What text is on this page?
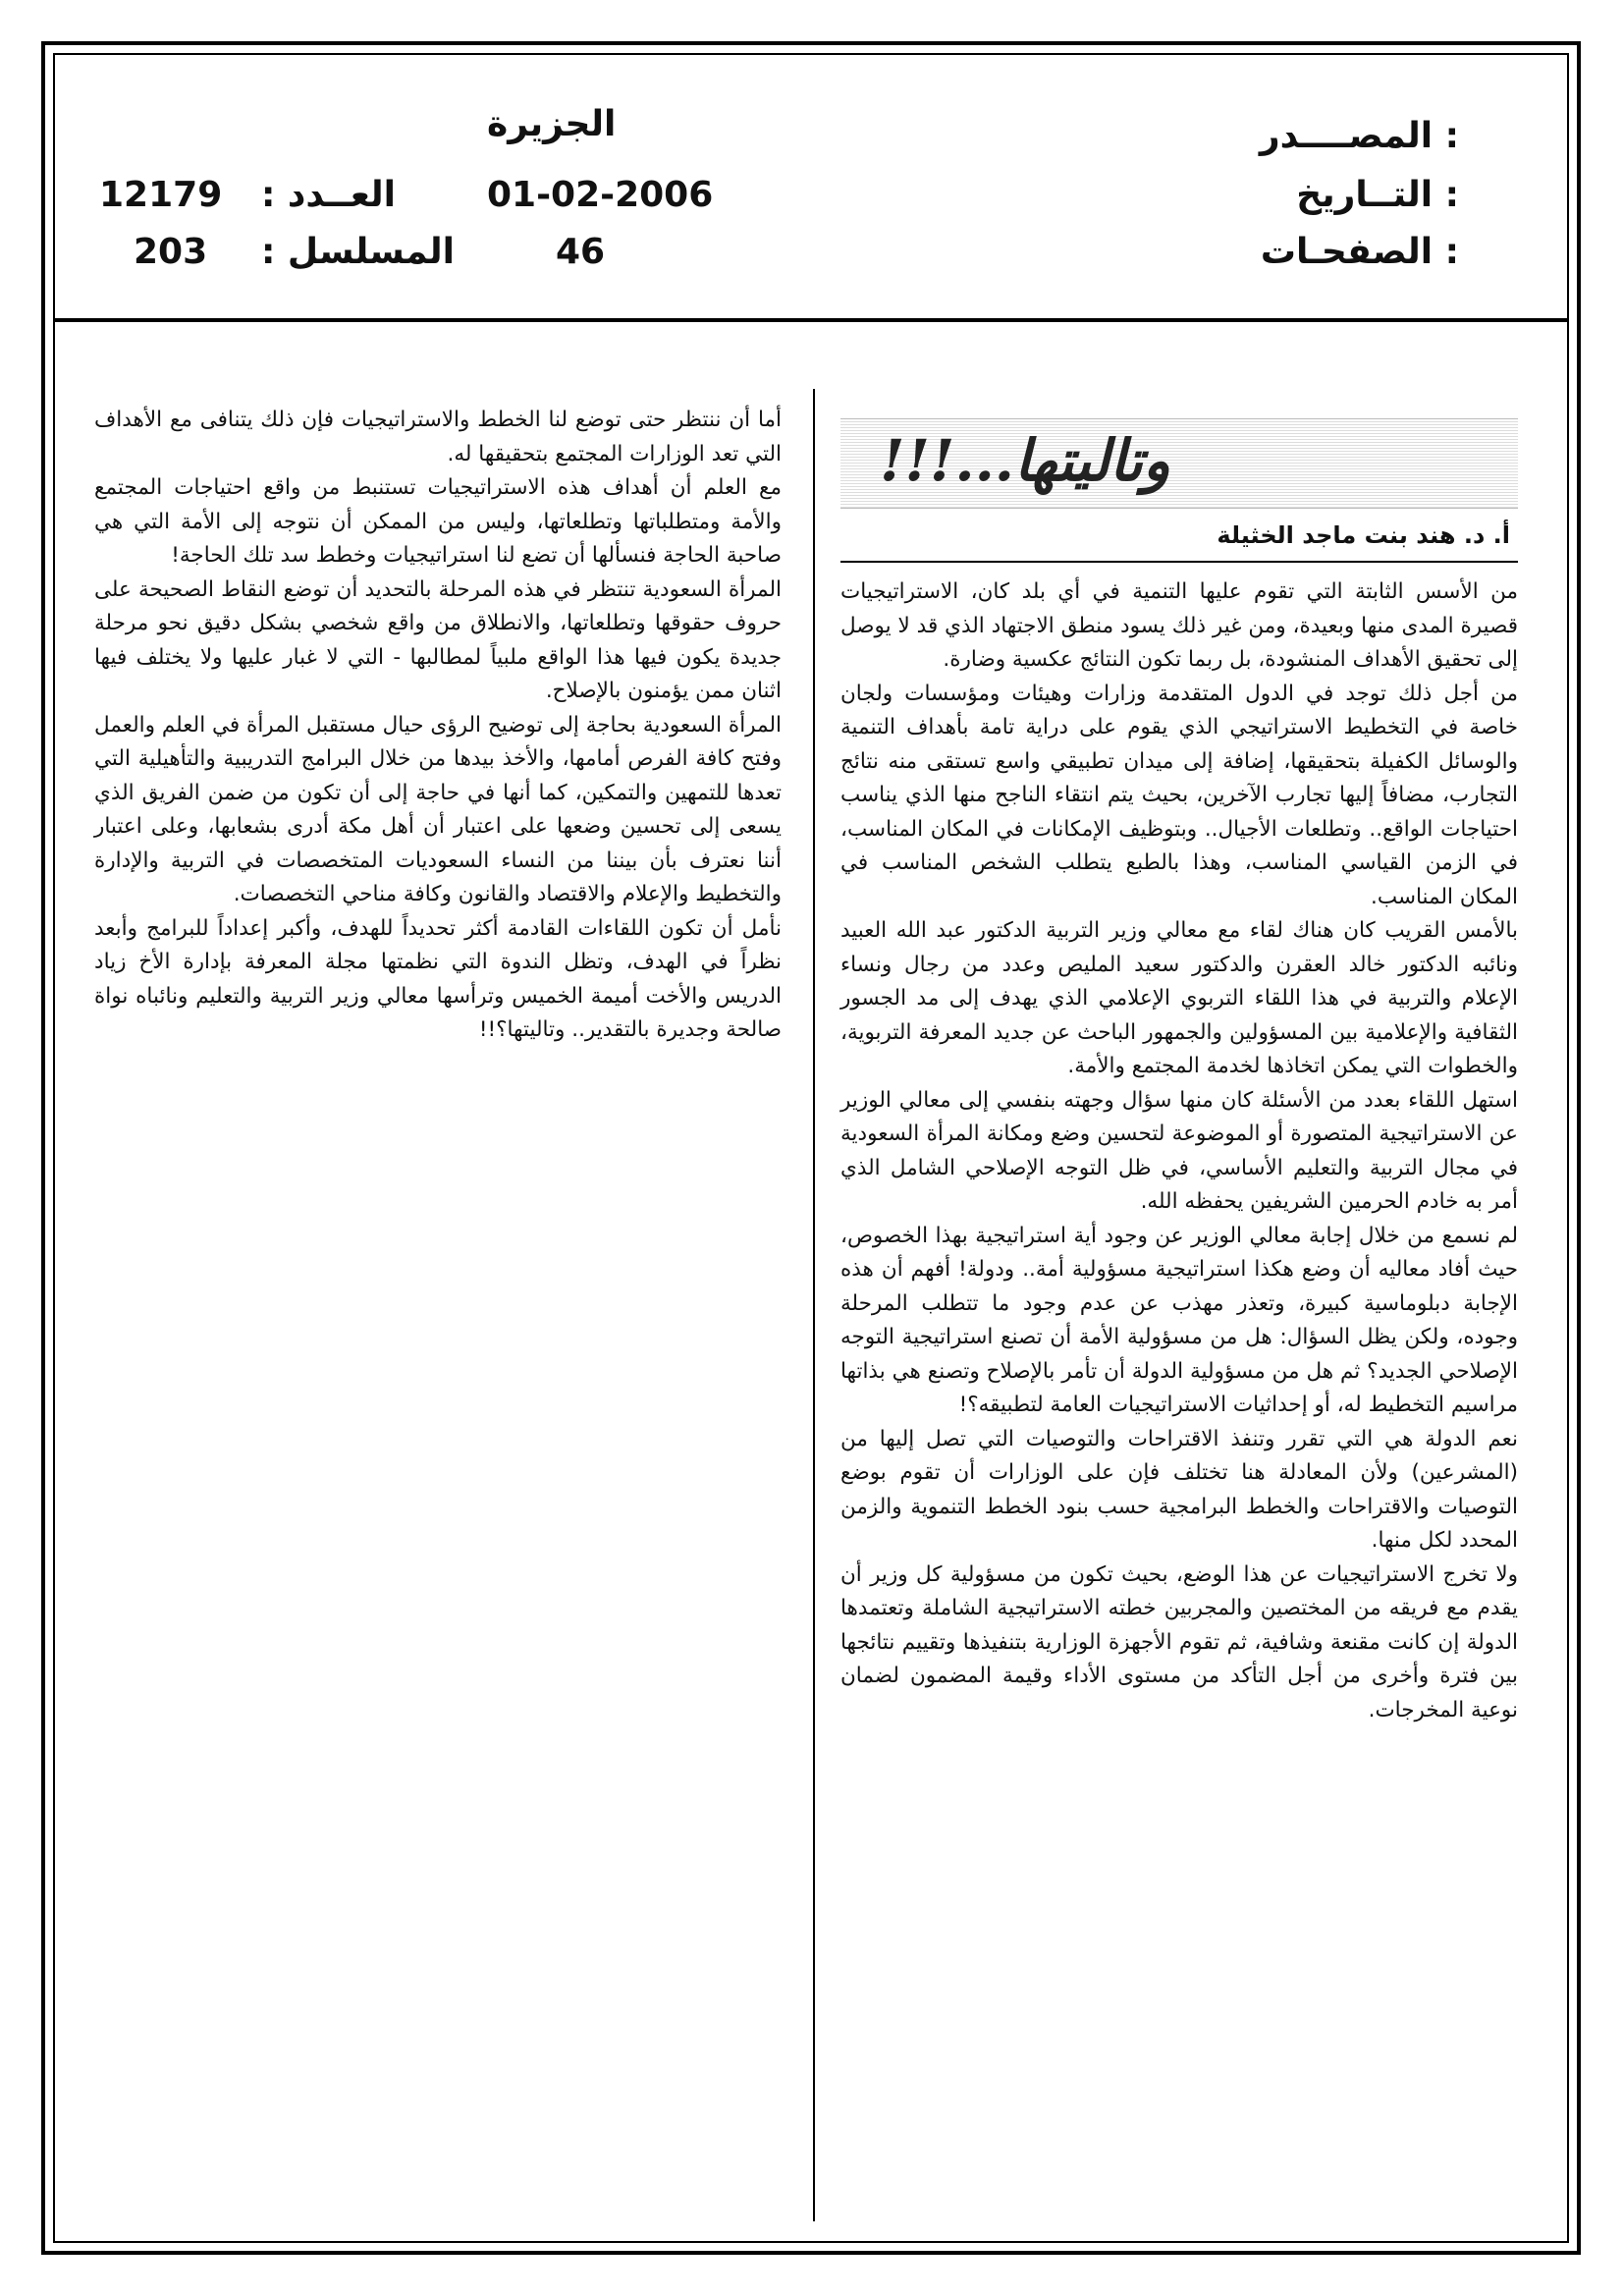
المصــــدر :
الجزيرة
التــاريخ :
01-02-2006
العــدد :
12179
الصفحـات :
46
المسلسل :
203
وتاليتها...!!!
أ. د. هند بنت ماجد الخثيلة

من الأسس الثابتة التي تقوم عليها التنمية في أي بلد كان، الاستراتيجيات قصيرة المدى منها وبعيدة، ومن غير ذلك يسود منطق الاجتهاد الذي قد لا يوصل إلى تحقيق الأهداف المنشودة، بل ربما تكون النتائج عكسية وضارة.

من أجل ذلك توجد في الدول المتقدمة وزارات وهيئات ومؤسسات ولجان خاصة في التخطيط الاستراتيجي الذي يقوم على دراية تامة بأهداف التنمية والوسائل الكفيلة بتحقيقها، إضافة إلى ميدان تطبيقي واسع تستقى منه نتائج التجارب، مضافاً إليها تجارب الآخرين، بحيث يتم انتقاء الناجح منها الذي يناسب احتياجات الواقع.. وتطلعات الأجيال.. وبتوظيف الإمكانات في المكان المناسب، في الزمن القياسي المناسب، وهذا بالطبع يتطلب الشخص المناسب في المكان المناسب.

بالأمس القريب كان هناك لقاء مع معالي وزير التربية الدكتور عبد الله العبيد ونائبه الدكتور خالد العقرن والدكتور سعيد المليص وعدد من رجال ونساء الإعلام والتربية في هذا اللقاء التربوي الإعلامي الذي يهدف إلى مد الجسور الثقافية والإعلامية بين المسؤولين والجمهور الباحث عن جديد المعرفة التربوية، والخطوات التي يمكن اتخاذها لخدمة المجتمع والأمة.

استهل اللقاء بعدد من الأسئلة كان منها سؤال وجهته بنفسي إلى معالي الوزير عن الاستراتيجية المتصورة أو الموضوعة لتحسين وضع ومكانة المرأة السعودية في مجال التربية والتعليم الأساسي، في ظل التوجه الإصلاحي الشامل الذي أمر به خادم الحرمين الشريفين يحفظه الله.

لم نسمع من خلال إجابة معالي الوزير عن وجود أية استراتيجية بهذا الخصوص، حيث أفاد معاليه أن وضع هكذا استراتيجية مسؤولية أمة.. ودولة! أفهم أن هذه الإجابة دبلوماسية كبيرة، وتعذر مهذب عن عدم وجود ما تتطلب المرحلة وجوده، ولكن يظل السؤال: هل من مسؤولية الأمة أن تصنع استراتيجية التوجه الإصلاحي الجديد؟ ثم هل من مسؤولية الدولة أن تأمر بالإصلاح وتصنع هي بذاتها مراسيم التخطيط له، أو إحداثيات الاستراتيجيات العامة لتطبيقه؟!

نعم الدولة هي التي تقرر وتنفذ الاقتراحات والتوصيات التي تصل إليها من (المشرعين) ولأن المعادلة هنا تختلف فإن على الوزارات أن تقوم بوضع التوصيات والاقتراحات والخطط البرامجية حسب بنود الخطط التنموية والزمن المحدد لكل منها.

ولا تخرج الاستراتيجيات عن هذا الوضع، بحيث تكون من مسؤولية كل وزير أن يقدم مع فريقه من المختصين والمجربين خطته الاستراتيجية الشاملة وتعتمدها الدولة إن كانت مقنعة وشافية، ثم تقوم الأجهزة الوزارية بتنفيذها وتقييم نتائجها بين فترة وأخرى من أجل التأكد من مستوى الأداء وقيمة المضمون لضمان نوعية المخرجات.

أما أن ننتظر حتى توضع لنا الخطط والاستراتيجيات فإن ذلك يتنافى مع الأهداف التي تعد الوزارات المجتمع بتحقيقها له.

مع العلم أن أهداف هذه الاستراتيجيات تستنبط من واقع احتياجات المجتمع والأمة ومتطلباتها وتطلعاتها، وليس من الممكن أن نتوجه إلى الأمة التي هي صاحبة الحاجة فنسألها أن تضع لنا استراتيجيات وخطط سد تلك الحاجة!

المرأة السعودية تنتظر في هذه المرحلة بالتحديد أن توضع النقاط الصحيحة على حروف حقوقها وتطلعاتها، والانطلاق من واقع شخصي بشكل دقيق نحو مرحلة جديدة يكون فيها هذا الواقع ملبياً لمطالبها - التي لا غبار عليها ولا يختلف فيها اثنان ممن يؤمنون بالإصلاح.

المرأة السعودية بحاجة إلى توضيح الرؤى حيال مستقبل المرأة في العلم والعمل وفتح كافة الفرص أمامها، والأخذ بيدها من خلال البرامج التدريبية والتأهيلية التي تعدها للتمهين والتمكين، كما أنها في حاجة إلى أن تكون من ضمن الفريق الذي يسعى إلى تحسين وضعها على اعتبار أن أهل مكة أدرى بشعابها، وعلى اعتبار أننا نعترف بأن بيننا من النساء السعوديات المتخصصات في التربية والإدارة والتخطيط والإعلام والاقتصاد والقانون وكافة مناحي التخصصات.

نأمل أن تكون اللقاءات القادمة أكثر تحديداً للهدف، وأكبر إعداداً للبرامج وأبعد نظراً في الهدف، وتظل الندوة التي نظمتها مجلة المعرفة بإدارة الأخ زياد الدريس والأخت أميمة الخميس وترأسها معالي وزير التربية والتعليم ونائباه نواة صالحة وجديرة بالتقدير.. وتاليتها؟!!
